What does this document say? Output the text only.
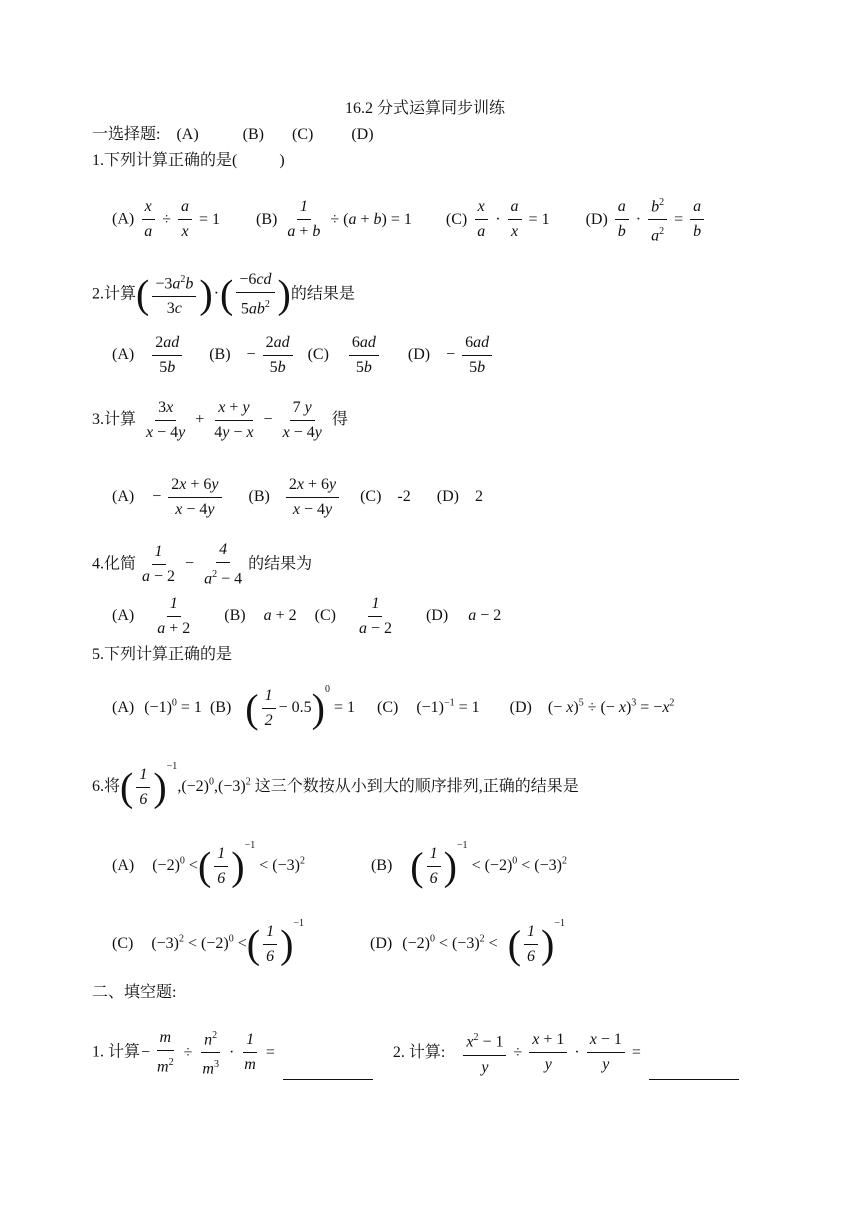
16.2 分式运算同步训练
一选择题: (A)	(B) (C) (D)
1.下列计算正确的是(	)
$(A) \frac{x}{a} \div \frac{a}{x} = 1$ $(B) \frac{1}{a + b} \div (a + b) = 1$ $(C) \frac{x}{a} \cdot \frac{a}{x} = 1$ $(D) \frac{a}{b} \cdot \frac{b^2}{a^2} = \frac{a}{b}$
2.计算( $\frac{-3a^2b}{3c}$ )·( $\frac{-6cd}{5ab^2}$ )的结果是
$(A) \frac{2ad}{5b} (B) - \frac{2ad}{5b} (C) \frac{6ad}{5b} (D) - \frac{6ad}{5b}$
3.计算 $\frac{3x}{x - 4y} + \frac{x + y}{4y - x} - \frac{7 y}{x - 4y}$ 得
$(A) - \frac{2x + 6y}{x - 4y} (B) \frac{2x + 6y}{x - 4y} (C)$ -2 (D) 2
4.化简 $\frac{1}{a - 2} - \frac{4}{a^2 - 4}$ 的结果为
$(A) \frac{1}{a + 2} (B) a + 2$ $(C) \frac{1}{a - 2} (D) a - 2$
5.下列计算正确的是
(A) $(-1)^0 = 1$ (B) ( $\frac{1}{2} - 0.5)^0 = 1$ (C) $(-1)^{-1} = 1$ (D) (− x)$^5$ ÷ (− $x)^3 = -x^2$
6.将( $\frac{1}{6} )^{-1},(-2)^0,(-3)^2$ 这三个数按从小到大的顺序排列,正确的结果是
(A) $(-2)^0$ <( $\frac{1}{6} )^{-1} < (-3)^2$	(B) ( $\frac{1}{6} )^{-1} < (-2)^0 < (-3)^2$
(C) $(-3)^2 < (-2)^0$ <( $\frac{1}{6} )^{-1}$ (D) $(-2)^0 < (-3)^2$ < ( $\frac{1}{6} )^{-1}$
二、填空题:
1. 计算− $\frac{m}{m^2} \div \frac{n^2}{m^3} \cdot \frac{1}{m}$ =	2. 计算: $\frac{x^2 - 1}{y} \div \frac{x + 1}{y} \cdot \frac{x - 1}{y}$ =
